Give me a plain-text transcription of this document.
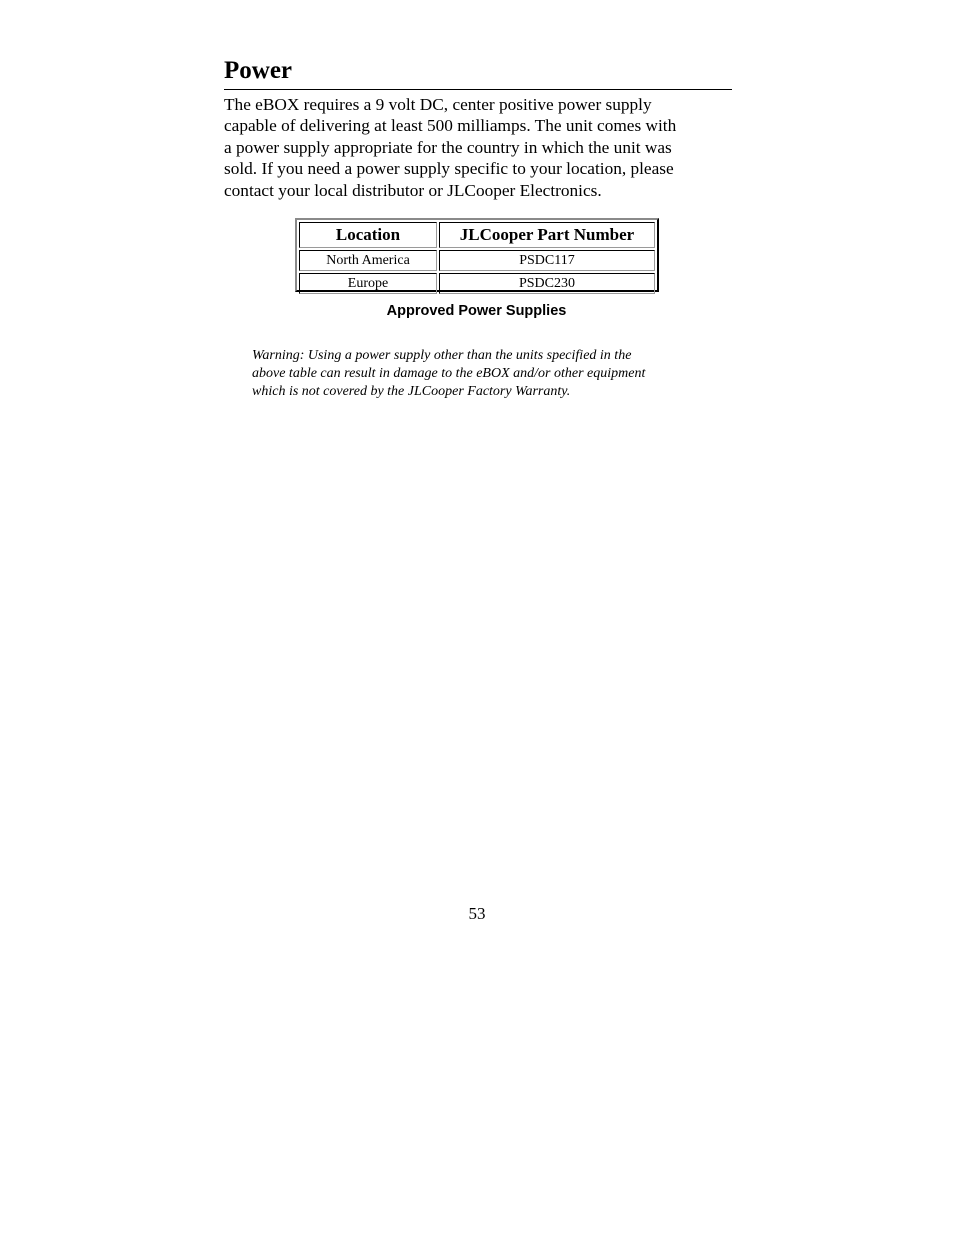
Power

The eBOX requires a 9 volt DC, center positive power supply
capable of delivering at least 500 milliamps. The unit comes with
a power supply appropriate for the country in which the unit was
sold. If you need a power supply specific to your location, please
contact your local distributor or JLCooper Electronics.

Location	JLCooper Part Number
North America	PSDC117
Europe	PSDC230
Approved Power Supplies

Warning: Using a power supply other than the units specified in the
above table can result in damage to the eBOX and/or other equipment
which is not covered by the JLCooper Factory Warranty.

53
